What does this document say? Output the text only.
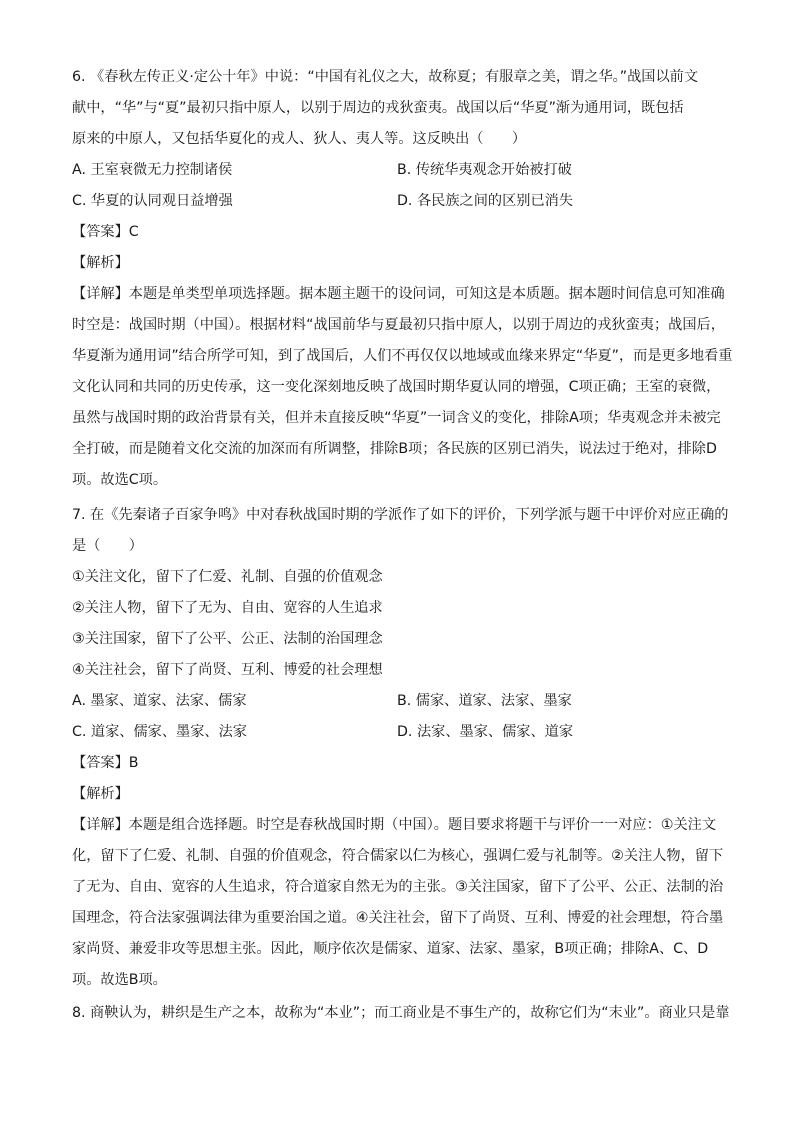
6. 《春秋左传正义·定公十年》中说：“中国有礼仪之大，故称夏；有服章之美，谓之华。”战国以前文
献中，“华”与“夏”最初只指中原人，以别于周边的戎狄蛮夷。战国以后“华夏”渐为通用词，既包括
原来的中原人，又包括华夏化的戎人、狄人、夷人等。这反映出（　　）
A. 王室衰微无力控制诸侯	B. 传统华夷观念开始被打破
C. 华夏的认同观日益增强	D. 各民族之间的区别已消失
【答案】C
【解析】
【详解】本题是单类型单项选择题。据本题主题干的设问词，可知这是本质题。据本题时间信息可知准确
时空是：战国时期（中国）。根据材料“战国前华与夏最初只指中原人，以别于周边的戎狄蛮夷；战国后，
华夏渐为通用词”结合所学可知，到了战国后，人们不再仅仅以地域或血缘来界定“华夏”，而是更多地看重
文化认同和共同的历史传承，这一变化深刻地反映了战国时期华夏认同的增强，C项正确；王室的衰微，
虽然与战国时期的政治背景有关，但并未直接反映“华夏”一词含义的变化，排除A项；华夷观念并未被完
全打破，而是随着文化交流的加深而有所调整，排除B项；各民族的区别已消失，说法过于绝对，排除D
项。故选C项。
7. 在《先秦诸子百家争鸣》中对春秋战国时期的学派作了如下的评价，下列学派与题干中评价对应正确的
是（　　）
①关注文化，留下了仁爱、礼制、自强的价值观念
②关注人物，留下了无为、自由、宽容的人生追求
③关注国家，留下了公平、公正、法制的治国理念
④关注社会，留下了尚贤、互利、博爱的社会理想
A. 墨家、道家、法家、儒家	B. 儒家、道家、法家、墨家
C. 道家、儒家、墨家、法家	D. 法家、墨家、儒家、道家
【答案】B
【解析】
【详解】本题是组合选择题。时空是春秋战国时期（中国）。题目要求将题干与评价一一对应：①关注文
化，留下了仁爱、礼制、自强的价值观念，符合儒家以仁为核心，强调仁爱与礼制等。②关注人物，留下
了无为、自由、宽容的人生追求，符合道家自然无为的主张。③关注国家，留下了公平、公正、法制的治
国理念，符合法家强调法律为重要治国之道。④关注社会，留下了尚贤、互利、博爱的社会理想，符合墨
家尚贤、兼爱非攻等思想主张。因此，顺序依次是儒家、道家、法家、墨家，B项正确；排除A、C、D
项。故选B项。
8. 商鞅认为，耕织是生产之本，故称为“本业”；而工商业是不事生产的，故称它们为“末业”。商业只是靠
